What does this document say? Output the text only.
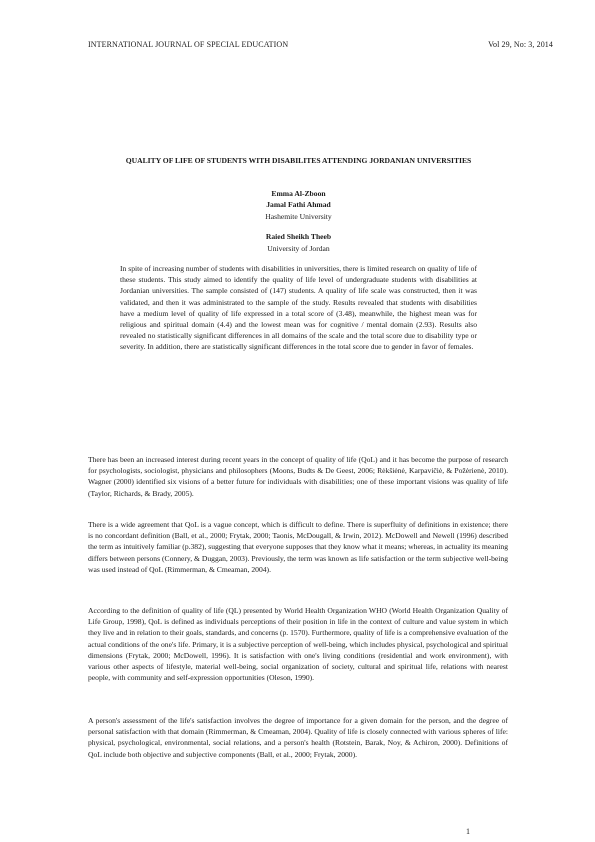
INTERNATIONAL JOURNAL OF SPECIAL EDUCATION	Vol 29, No: 3, 2014
QUALITY OF LIFE OF STUDENTS WITH DISABILITES ATTENDING JORDANIAN UNIVERSITIES
Emma Al-Zboon
Jamal Fathi Ahmad
Hashemite University
Raied Sheikh Theeb
University of Jordan

In spite of increasing number of students with disabilities in universities, there is limited research on quality of life of these students. This study aimed to identify the quality of life level of undergraduate students with disabilities at Jordanian universities. The sample consisted of (147) students. A quality of life scale was constructed, then it was validated, and then it was administrated to the sample of the study. Results revealed that students with disabilities have a medium level of quality of life expressed in a total score of (3.48), meanwhile, the highest mean was for religious and spiritual domain (4.4) and the lowest mean was for cognitive / mental domain (2.93). Results also revealed no statistically significant differences in all domains of the scale and the total score due to disability type or severity. In addition, there are statistically significant differences in the total score due to gender in favor of females.

There has been an increased interest during recent years in the concept of quality of life (QoL) and it has become the purpose of research for psychologists, sociologist, physicians and philosophers (Moons, Budts & De Geest, 2006; Rėkšiėnė, Karpavičiė, & Požėrienė, 2010). Wagner (2000) identified six visions of a better future for individuals with disabilities; one of these important visions was quality of life (Taylor, Richards, & Brady, 2005).

There is a wide agreement that QoL is a vague concept, which is difficult to define. There is superfluity of definitions in existence; there is no concordant definition (Ball, et al., 2000; Frytak, 2000; Taonis, McDougall, & Irwin, 2012). McDowell and Newell (1996) described the term as intuitively familiar (p.382), suggesting that everyone supposes that they know what it means; whereas, in actuality its meaning differs between persons (Connery, & Duggan, 2003). Previously, the term was known as life satisfaction or the term subjective well-being was used instead of QoL (Rimmerman, & Cmeaman, 2004).

According to the definition of quality of life (QL) presented by World Health Organization WHO (World Health Organization Quality of Life Group, 1998), QoL is defined as individuals perceptions of their position in life in the context of culture and value system in which they live and in relation to their goals, standards, and concerns (p. 1570). Furthermore, quality of life is a comprehensive evaluation of the actual conditions of the one's life. Primary, it is a subjective perception of well-being, which includes physical, psychological and spiritual dimensions (Frytak, 2000; McDowell, 1996). It is satisfaction with one's living conditions (residential and work environment), with various other aspects of lifestyle, material well-being, social organization of society, cultural and spiritual life, relations with nearest people, with community and self-expression opportunities (Oleson, 1990).

A person's assessment of the life's satisfaction involves the degree of importance for a given domain for the person, and the degree of personal satisfaction with that domain (Rimmerman, & Cmeaman, 2004). Quality of life is closely connected with various spheres of life: physical, psychological, environmental, social relations, and a person's health (Rotstein, Barak, Noy, & Achiron, 2000). Definitions of QoL include both objective and subjective components (Ball, et al., 2000; Frytak, 2000).

1
